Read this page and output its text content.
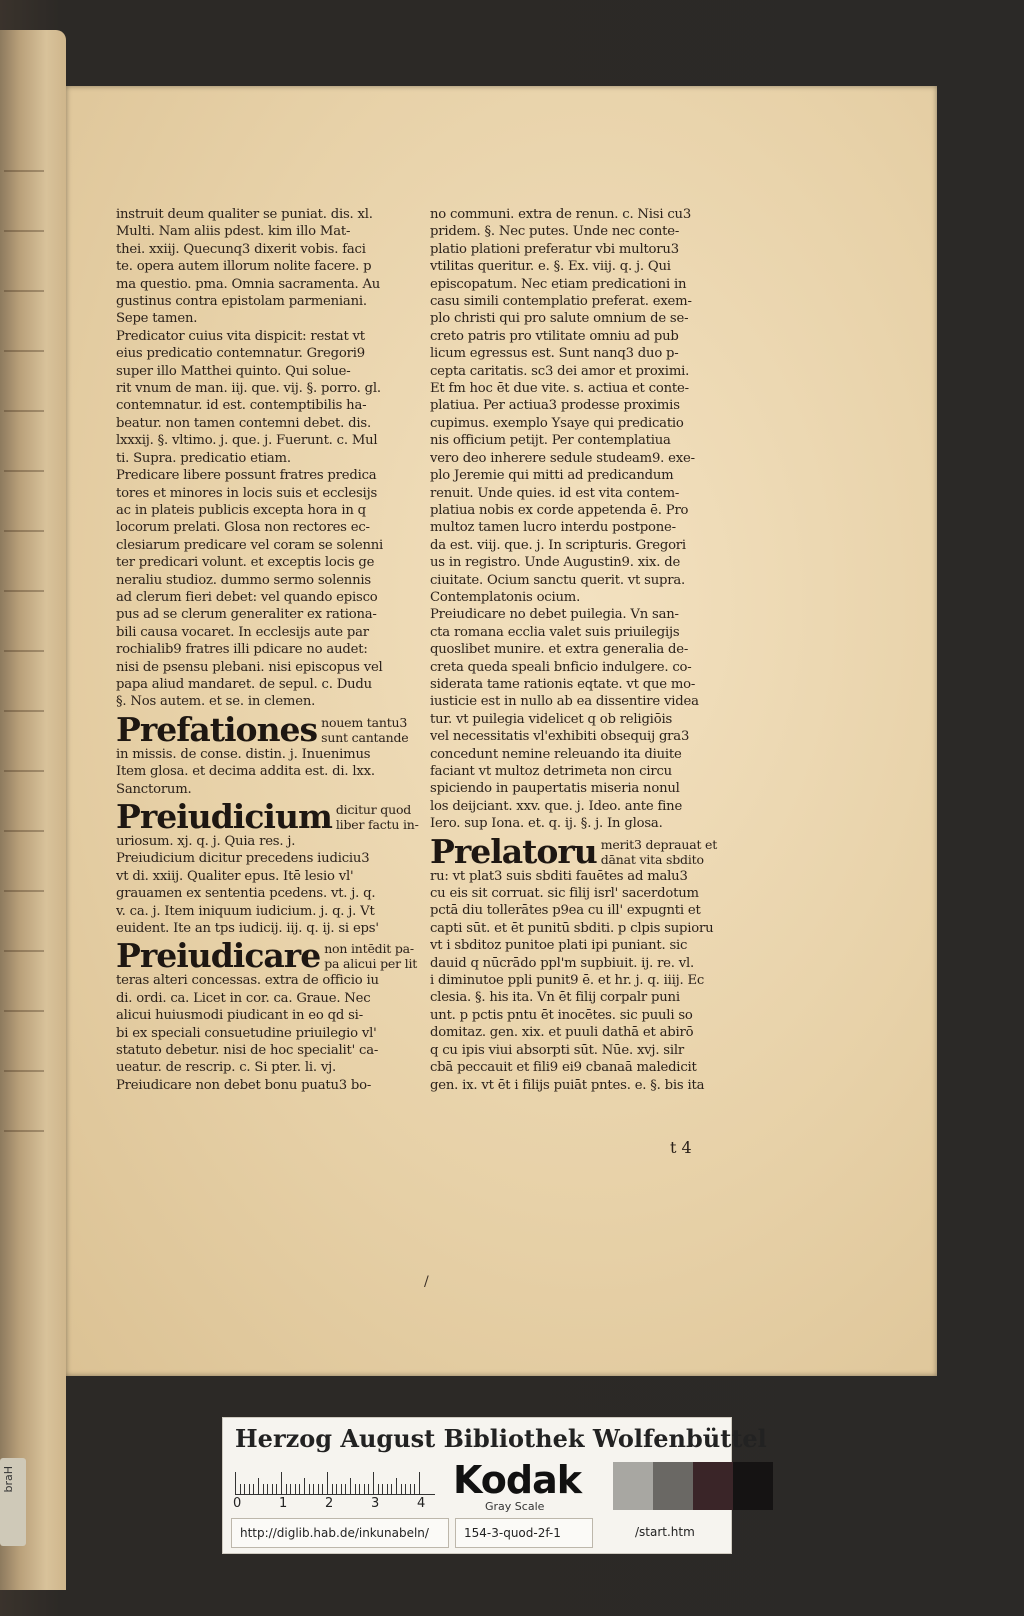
instruit deum qualiter se puniat. dis. xl.
Multi. Nam aliis pdest. kim illo Mat-
thei. xxiij. Quecunq3 dixerit vobis. faci
te. opera autem illorum nolite facere. p
ma questio. pma. Omnia sacramenta. Au
gustinus contra epistolam parmeniani.
Sepe tamen.
Predicator cuius vita dispicit: restat vt
eius predicatio contemnatur. Gregori9
super illo Matthei quinto. Qui solue-
rit vnum de man. iij. que. vij. §. porro. gl.
contemnatur. id est. contemptibilis ha-
beatur. non tamen contemni debet. dis.
lxxxij. §. vltimo. j. que. j. Fuerunt. c. Mul
ti. Supra. predicatio etiam.
Predicare libere possunt fratres predica
tores et minores in locis suis et ecclesijs
ac in plateis publicis excepta hora in q
locorum prelati. Glosa non rectores ec-
clesiarum predicare vel coram se solenni
ter predicari volunt. et exceptis locis ge
neraliu studioz. dummo sermo solennis
ad clerum fieri debet: vel quando episco
pus ad se clerum generaliter ex rationa-
bili causa vocaret. In ecclesijs aute par
rochialib9 fratres illi pdicare no audet:
nisi de psensu plebani. nisi episcopus vel
papa aliud mandaret. de sepul. c. Dudu
§. Nos autem. et se. in clemen.
Prefationes nouem tantu3
sunt cantande
in missis. de conse. distin. j. Inuenimus
Item glosa. et decima addita est. di. lxx.
Sanctorum.
Preiudicium dicitur quod
liber factu in-
uriosum. xj. q. j. Quia res. j.
Preiudicium dicitur precedens iudiciu3
vt di. xxiij. Qualiter epus. Itē lesio vl'
grauamen ex sententia pcedens. vt. j. q.
v. ca. j. Item iniquum iudicium. j. q. j. Vt
euident. Ite an tps iudicij. iij. q. ij. si eps'
Preiudicare non intēdit pa-
pa alicui per lit
teras alteri concessas. extra de officio iu
di. ordi. ca. Licet in cor. ca. Graue. Nec
alicui huiusmodi piudicant in eo qd si-
bi ex speciali consuetudine priuilegio vl'
statuto debetur. nisi de hoc specialit' ca-
ueatur. de rescrip. c. Si pter. li. vj.
Preiudicare non debet bonu puatu3 bo-
no communi. extra de renun. c. Nisi cu3
pridem. §. Nec putes. Unde nec conte-
platio plationi preferatur vbi multoru3
vtilitas queritur. e. §. Ex. viij. q. j. Qui
episcopatum. Nec etiam predicationi in
casu simili contemplatio preferat. exem-
plo christi qui pro salute omnium de se-
creto patris pro vtilitate omniu ad pub
licum egressus est. Sunt nanq3 duo p-
cepta caritatis. sc3 dei amor et proximi.
Et fm hoc ēt due vite. s. actiua et conte-
platiua. Per actiua3 prodesse proximis
cupimus. exemplo Ysaye qui predicatio
nis officium petijt. Per contemplatiua
vero deo inherere sedule studeam9. exe-
plo Jeremie qui mitti ad predicandum
renuit. Unde quies. id est vita contem-
platiua nobis ex corde appetenda ē. Pro
multoz tamen lucro interdu postpone-
da est. viij. que. j. In scripturis. Gregori
us in registro. Unde Augustin9. xix. de
ciuitate. Ocium sanctu querit. vt supra.
Contemplatonis ocium.
Preiudicare no debet puilegia. Vn san-
cta romana ecclia valet suis priuilegijs
quoslibet munire. et extra generalia de-
creta queda speali bnficio indulgere. co-
siderata tame rationis eqtate. vt que mo-
iusticie est in nullo ab ea dissentire videa
tur. vt puilegia videlicet q ob religiōis
vel necessitatis vl'exhibiti obsequij gra3
concedunt nemine releuando ita diuite
faciant vt multoz detrimeta non circu
spiciendo in paupertatis miseria nonul
los deijciant. xxv. que. j. Ideo. ante fine
Iero. sup Iona. et. q. ij. §. j. In glosa.
Prelatoru merit3 deprauat et
dānat vita sbdito
ru: vt plat3 suis sbditi fauētes ad malu3
cu eis sit corruat. sic filij isrl' sacerdotum
pctā diu tollerātes p9ea cu ill' expugnti et
capti sūt. et ēt punitū sbditi. p clpis supioru
vt i sbditoz punitoe plati ipi puniant. sic
dauid q nūcrādo ppl'm supbiuit. ij. re. vl.
i diminutoe ppli punit9 ē. et hr. j. q. iiij. Ec
clesia. §. his ita. Vn ēt filij corpalr puni
unt. p pctis pntu ēt inocētes. sic puuli so
domitaz. gen. xix. et puuli dathā et abirō
q cu ipis viui absorpti sūt. Nūe. xvj. silr
cbā peccauit et fili9 ei9 cbanaā maledicit
gen. ix. vt ēt i filijs puiāt pntes. e. §. bis ita
t 4
/
Herzog August Bibliothek Wolfenbüttel
0	1	2	3	4
Kodak
Gray Scale
http://diglib.hab.de/inkunabeln/	154-3-quod-2f-1	/start.htm
braH
